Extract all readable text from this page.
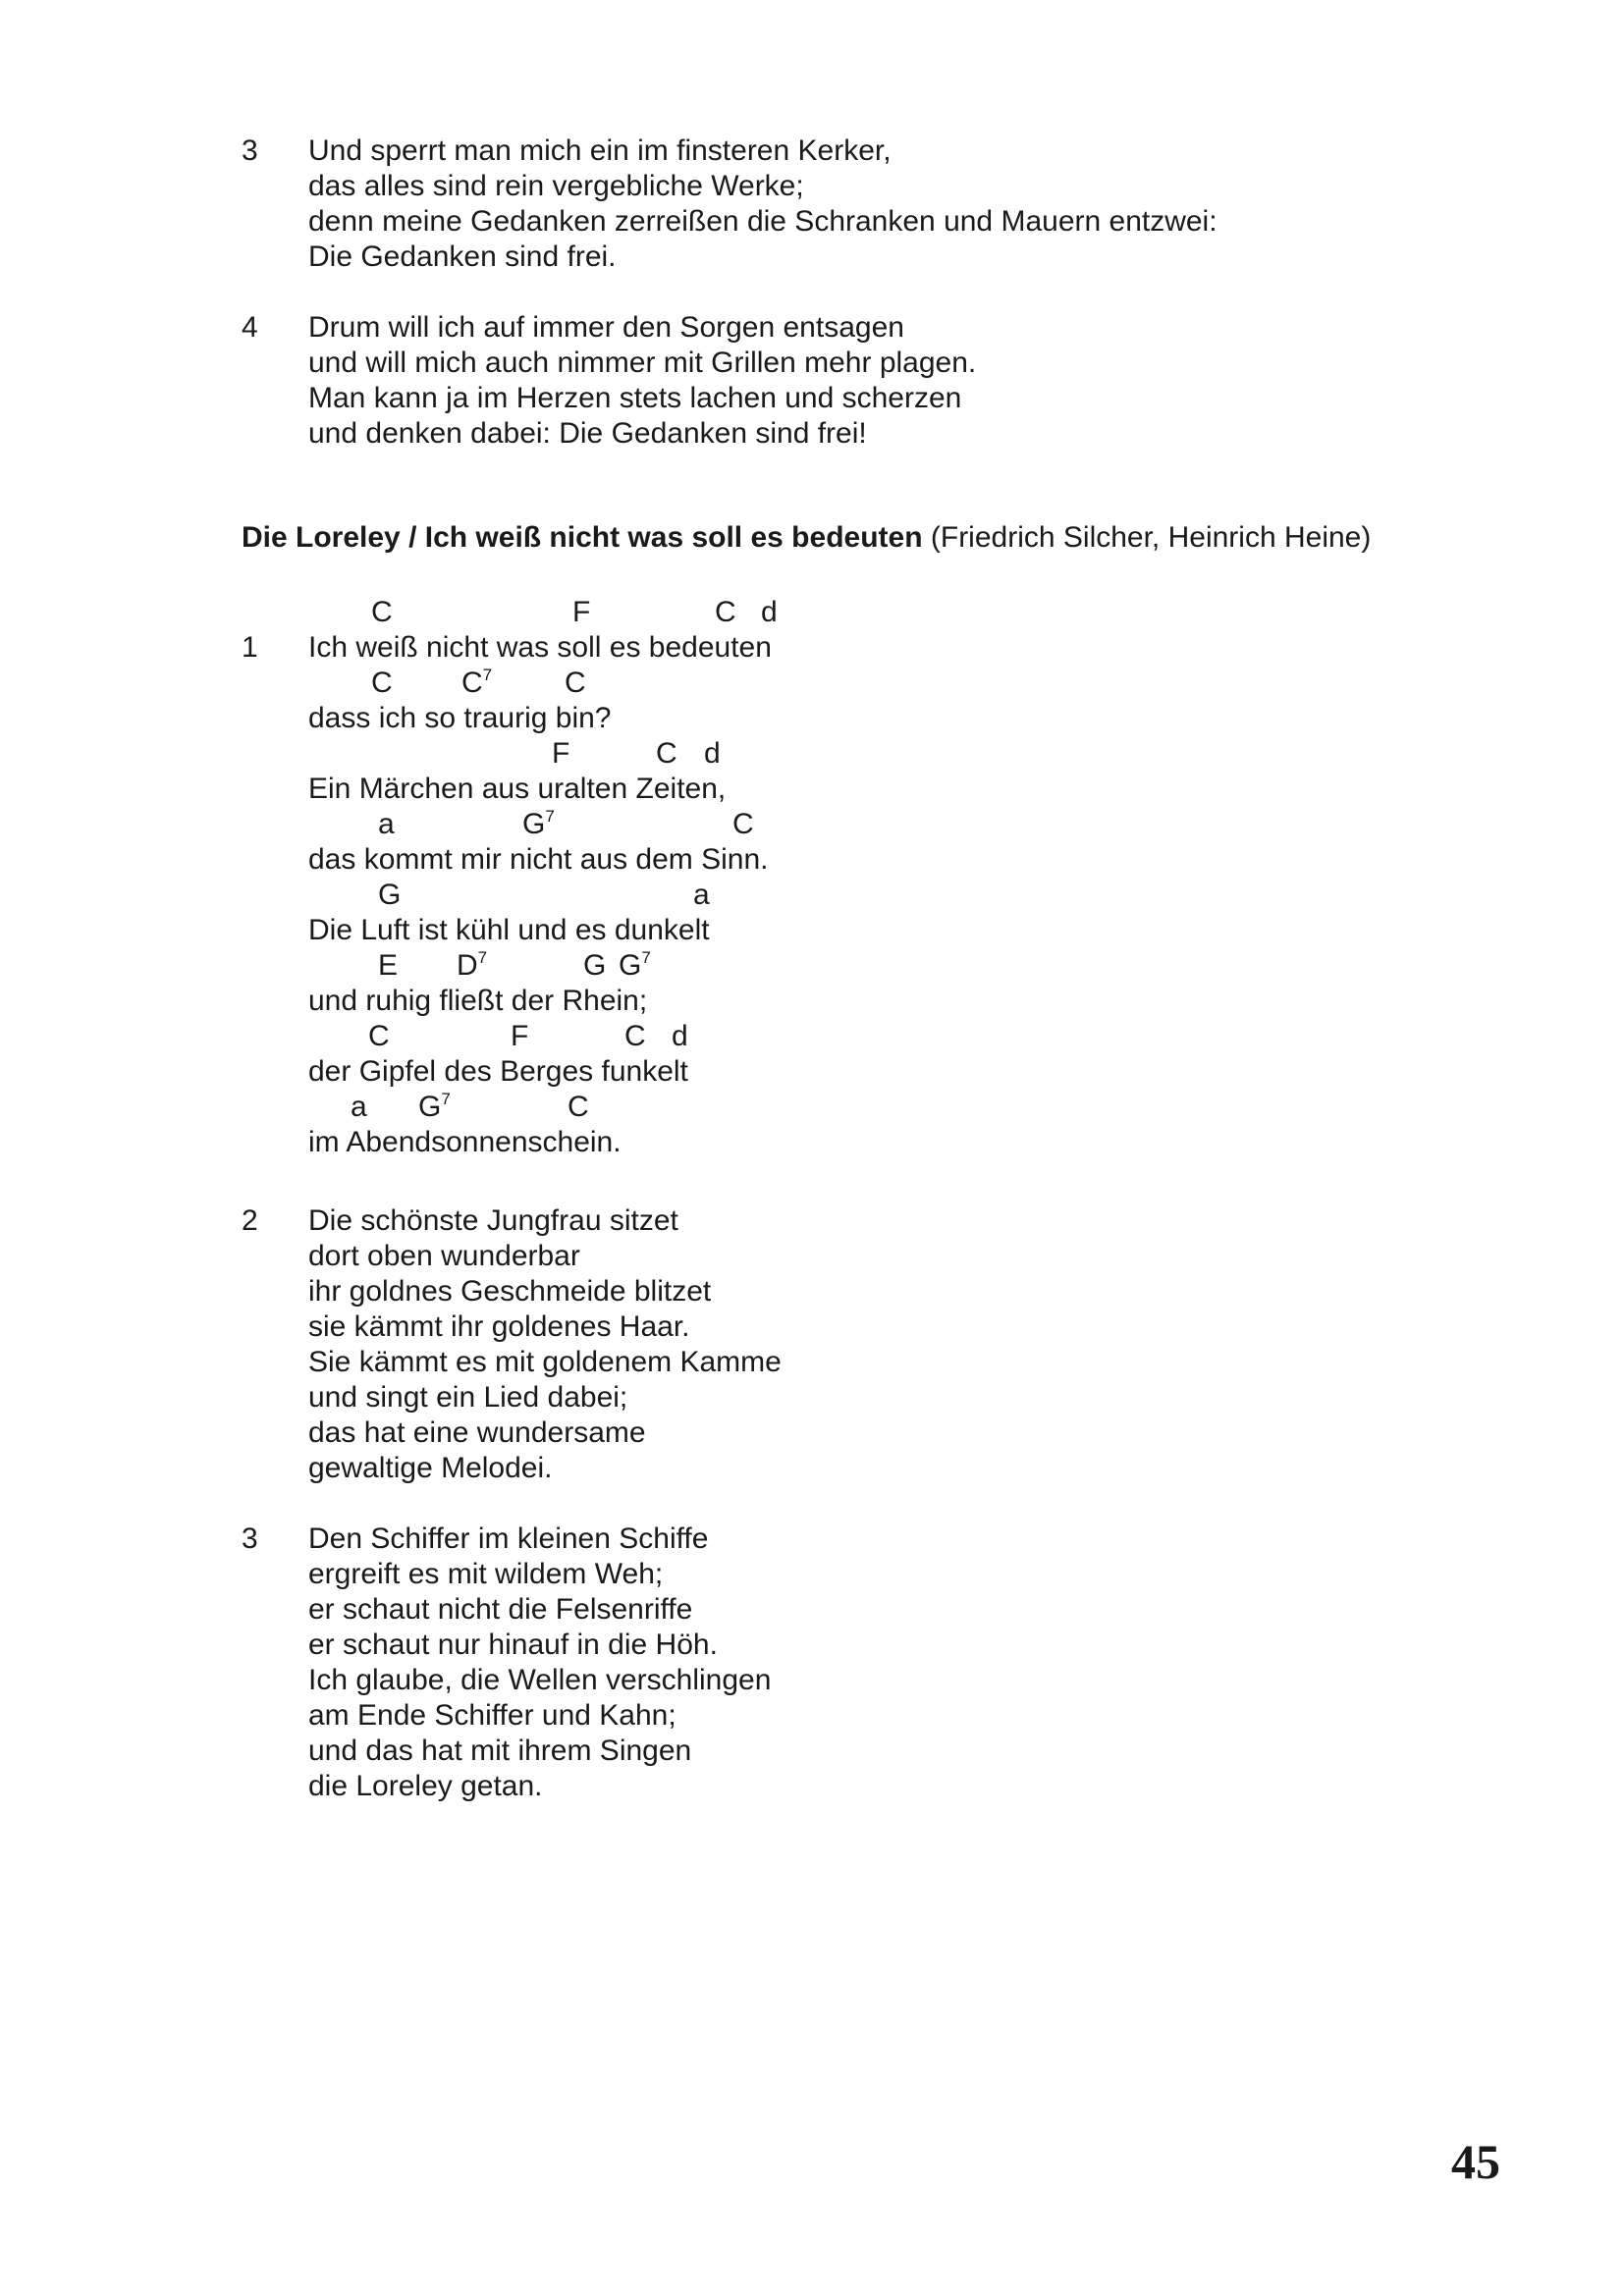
3 Und sperrt man mich ein im finsteren Kerker,
das alles sind rein vergebliche Werke;
denn meine Gedanken zerreißen die Schranken und Mauern entzwei:
Die Gedanken sind frei.
4 Drum will ich auf immer den Sorgen entsagen
und will mich auch nimmer mit Grillen mehr plagen.
Man kann ja im Herzen stets lachen und scherzen
und denken dabei: Die Gedanken sind frei!
Die Loreley / Ich weiß nicht was soll es bedeuten (Friedrich Silcher, Heinrich Heine)
C	F	C d
1 Ich weiß nicht was soll es bedeuten
C $C^7$ C
dass ich so traurig bin?
F	C d
Ein Märchen aus uralten Zeiten,
a	$G^7$	C
das kommt mir nicht aus dem Sinn.
G	a
Die Luft ist kühl und es dunkelt
E $D^7$	G $G^7$
und ruhig fließt der Rhein;
C	F	C d
der Gipfel des Berges funkelt
a $G^7$	C
im Abendsonnenschein.
2 Die schönste Jungfrau sitzet
dort oben wunderbar
ihr goldnes Geschmeide blitzet
sie kämmt ihr goldenes Haar.
Sie kämmt es mit goldenem Kamme
und singt ein Lied dabei;
das hat eine wundersame
gewaltige Melodei.
3 Den Schiffer im kleinen Schiffe
ergreift es mit wildem Weh;
er schaut nicht die Felsenriffe
er schaut nur hinauf in die Höh.
Ich glaube, die Wellen verschlingen
am Ende Schiffer und Kahn;
und das hat mit ihrem Singen
die Loreley getan.
45
